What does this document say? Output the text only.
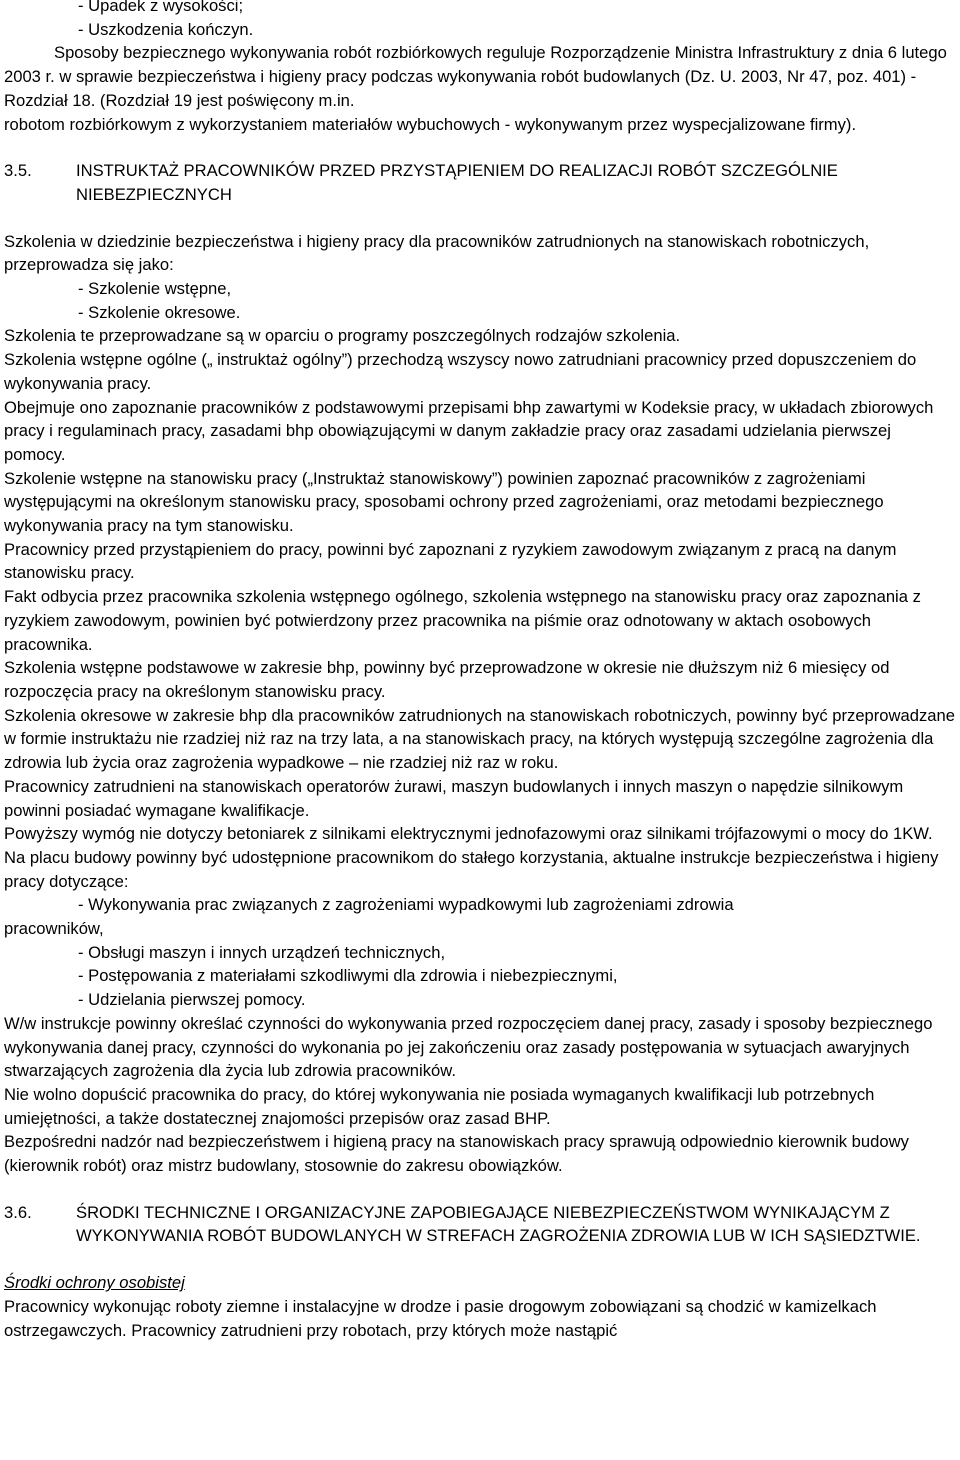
- Upadek z wysokości;

- Uszkodzenia kończyn.

Sposoby bezpiecznego wykonywania robót rozbiórkowych reguluje Rozporządzenie Ministra Infrastruktury z dnia 6 lutego 2003 r. w sprawie bezpieczeństwa i higieny pracy podczas wykonywania robót budowlanych (Dz. U. 2003, Nr 47, poz. 401) - Rozdział 18. (Rozdział 19 jest poświęcony m.in.

robotom rozbiórkowym z wykorzystaniem materiałów wybuchowych - wykonywanym przez wyspecjalizowane firmy).

3.5.	INSTRUKTAŻ PRACOWNIKÓW PRZED PRZYSTĄPIENIEM DO REALIZACJI ROBÓT SZCZEGÓLNIE NIEBEZPIECZNYCH

Szkolenia w dziedzinie bezpieczeństwa i higieny pracy dla pracowników zatrudnionych na stanowiskach robotniczych, przeprowadza się jako:

- Szkolenie wstępne,

- Szkolenie okresowe.

Szkolenia te przeprowadzane są w oparciu o programy poszczególnych rodzajów szkolenia.

Szkolenia wstępne ogólne („ instruktaż ogólny”) przechodzą wszyscy nowo zatrudniani pracownicy przed dopuszczeniem do wykonywania pracy.

Obejmuje ono zapoznanie pracowników z podstawowymi przepisami bhp zawartymi w Kodeksie pracy, w układach zbiorowych pracy i regulaminach pracy, zasadami bhp obowiązującymi w danym zakładzie pracy oraz zasadami udzielania pierwszej pomocy.

Szkolenie wstępne na stanowisku pracy („Instruktaż stanowiskowy”) powinien zapoznać pracowników z zagrożeniami występującymi na określonym stanowisku pracy, sposobami ochrony przed zagrożeniami, oraz metodami bezpiecznego wykonywania pracy na tym stanowisku.

Pracownicy przed przystąpieniem do pracy, powinni być zapoznani z ryzykiem zawodowym związanym z pracą na danym stanowisku pracy.

Fakt odbycia przez pracownika szkolenia wstępnego ogólnego, szkolenia wstępnego na stanowisku pracy oraz zapoznania z ryzykiem zawodowym, powinien być potwierdzony przez pracownika na piśmie oraz odnotowany w aktach osobowych pracownika.

Szkolenia wstępne podstawowe w zakresie bhp, powinny być przeprowadzone w okresie nie dłuższym niż 6 miesięcy od rozpoczęcia pracy na określonym stanowisku pracy.

Szkolenia okresowe w zakresie bhp dla pracowników zatrudnionych na stanowiskach robotniczych, powinny być przeprowadzane w formie instruktażu nie rzadziej niż raz na trzy lata, a na stanowiskach pracy, na których występują szczególne zagrożenia dla zdrowia lub życia oraz zagrożenia wypadkowe – nie rzadziej niż raz w roku.

Pracownicy zatrudnieni na stanowiskach operatorów żurawi, maszyn budowlanych i innych maszyn o napędzie silnikowym powinni posiadać wymagane kwalifikacje.

Powyższy wymóg nie dotyczy betoniarek z silnikami elektrycznymi jednofazowymi oraz silnikami trójfazowymi o mocy do 1KW.

Na placu budowy powinny być udostępnione pracownikom do stałego korzystania, aktualne instrukcje bezpieczeństwa i higieny pracy dotyczące:

- Wykonywania prac związanych z zagrożeniami wypadkowymi lub zagrożeniami zdrowia

pracowników,

- Obsługi maszyn i innych urządzeń technicznych,

- Postępowania z materiałami szkodliwymi dla zdrowia i niebezpiecznymi,

- Udzielania pierwszej pomocy.

W/w instrukcje powinny określać czynności do wykonywania przed rozpoczęciem danej pracy, zasady i sposoby bezpiecznego wykonywania danej pracy, czynności do wykonania po jej zakończeniu oraz zasady postępowania w sytuacjach awaryjnych stwarzających zagrożenia dla życia lub zdrowia pracowników.

Nie wolno dopuścić pracownika do pracy, do której wykonywania nie posiada wymaganych kwalifikacji lub potrzebnych umiejętności, a także dostatecznej znajomości przepisów oraz zasad BHP.

Bezpośredni nadzór nad bezpieczeństwem i higieną pracy na stanowiskach pracy sprawują odpowiednio kierownik budowy (kierownik robót) oraz mistrz budowlany, stosownie do zakresu obowiązków.

3.6.	ŚRODKI TECHNICZNE I ORGANIZACYJNE ZAPOBIEGAJĄCE NIEBEZPIECZEŃSTWOM WYNIKAJĄCYM Z WYKONYWANIA ROBÓT BUDOWLANYCH W STREFACH ZAGROŻENIA ZDROWIA LUB W ICH SĄSIEDZTWIE.

Środki ochrony osobistej

Pracownicy wykonując roboty ziemne i instalacyjne w drodze i pasie drogowym zobowiązani są chodzić w kamizelkach ostrzegawczych. Pracownicy zatrudnieni przy robotach, przy których może nastąpić
